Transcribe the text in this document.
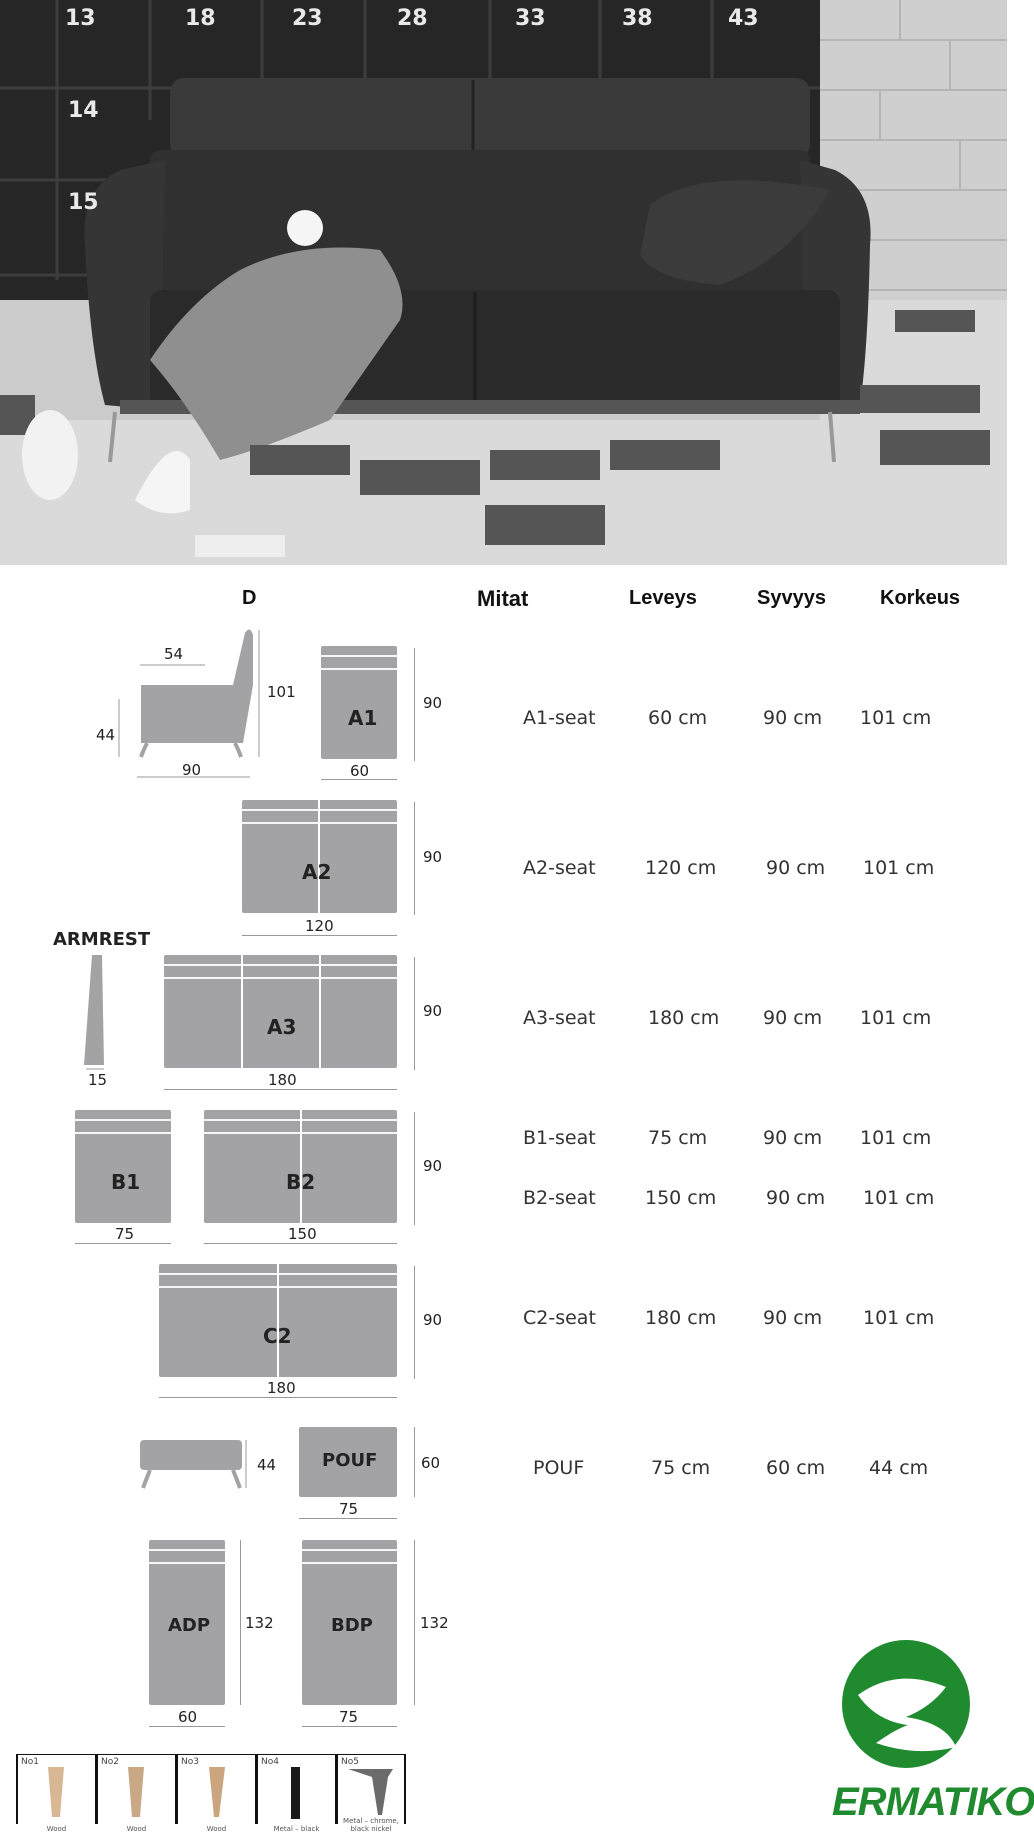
13	18	23	28	33	38	43
14
15
D	Mitat	Leveys	Syvyys	Korkeus
A1-seat	60 cm	90 cm 101 cm
A2-seat	120 cm	90 cm 101 cm
A3-seat	180 cm 90 cm 101 cm
B1-seat	75 cm	90 cm 101 cm
B2-seat	150 cm	90 cm 101 cm
C2-seat	180 cm 90 cm 101 cm
POUF	75 cm	60 cm 44 cm
54
101
44
90
A1
90
60
A2
90
120
ARMREST
15
A3
90
180
B1
75
B2
90
150
C2
90
180
44	POUF	60
75
ADP 132
60
BDP	132
75
No1
Wood
No2
Wood
No3
Wood
No4
Metal – black
No5
Metal – chrome, black nickel
ERMATIKO
